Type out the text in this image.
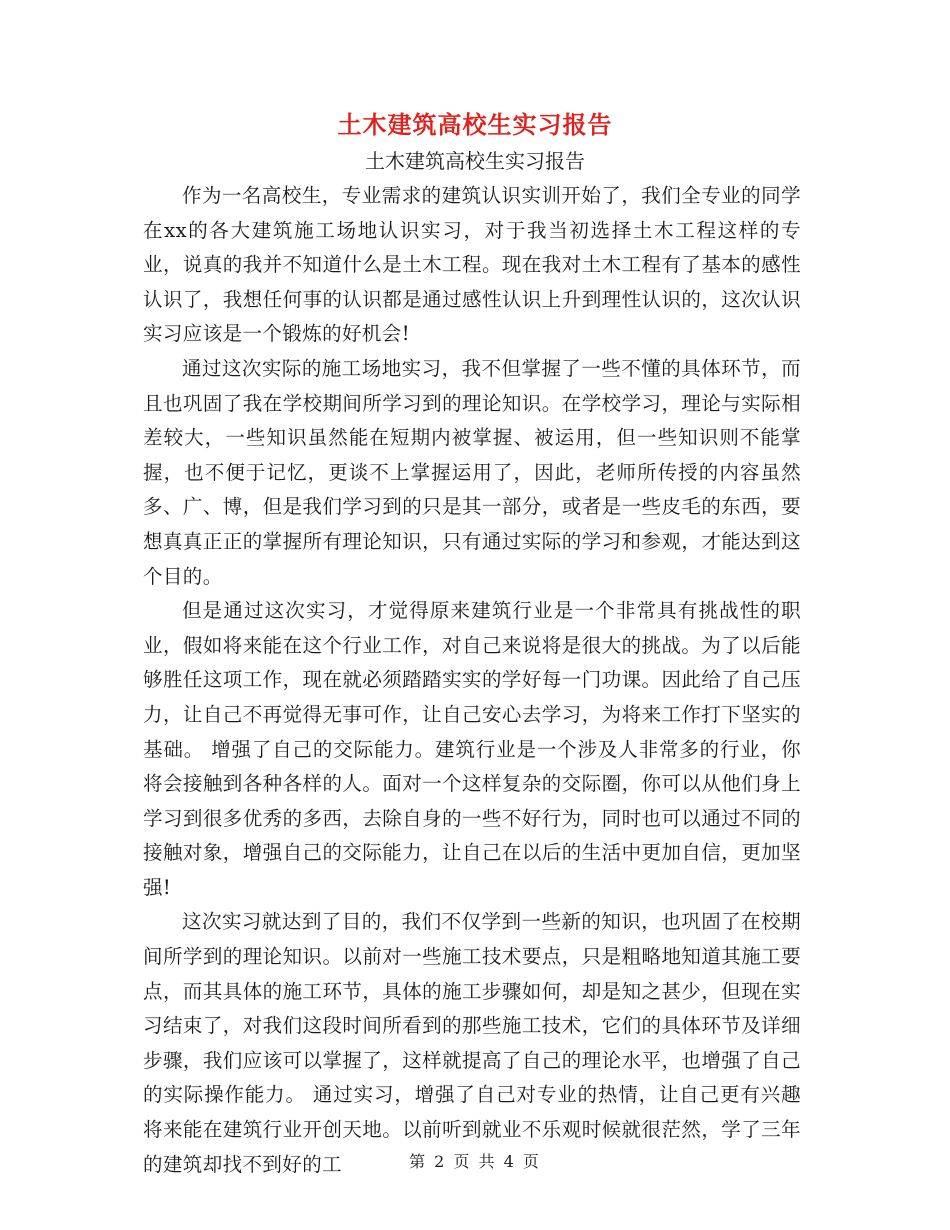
土木建筑高校生实习报告
土木建筑高校生实习报告

作为一名高校生，专业需求的建筑认识实训开始了，我们全专业的同学在xx的各大建筑施工场地认识实习，对于我当初选择土木工程这样的专业，说真的我并不知道什么是土木工程。现在我对土木工程有了基本的感性认识了，我想任何事的认识都是通过感性认识上升到理性认识的，这次认识实习应该是一个锻炼的好机会!

通过这次实际的施工场地实习，我不但掌握了一些不懂的具体环节，而且也巩固了我在学校期间所学习到的理论知识。在学校学习，理论与实际相差较大，一些知识虽然能在短期内被掌握、被运用，但一些知识则不能掌握，也不便于记忆，更谈不上掌握运用了，因此，老师所传授的内容虽然多、广、博，但是我们学习到的只是其一部分，或者是一些皮毛的东西，要想真真正正的掌握所有理论知识，只有通过实际的学习和参观，才能达到这个目的。

但是通过这次实习，才觉得原来建筑行业是一个非常具有挑战性的职业，假如将来能在这个行业工作，对自己来说将是很大的挑战。为了以后能够胜任这项工作，现在就必须踏踏实实的学好每一门功课。因此给了自己压力，让自己不再觉得无事可作，让自己安心去学习，为将来工作打下坚实的基础。 增强了自己的交际能力。建筑行业是一个涉及人非常多的行业，你将会接触到各种各样的人。面对一个这样复杂的交际圈，你可以从他们身上学习到很多优秀的多西，去除自身的一些不好行为，同时也可以通过不同的接触对象，增强自己的交际能力，让自己在以后的生活中更加自信，更加坚强!

这次实习就达到了目的，我们不仅学到一些新的知识，也巩固了在校期间所学到的理论知识。以前对一些施工技术要点，只是粗略地知道其施工要点，而其具体的施工环节，具体的施工步骤如何，却是知之甚少，但现在实习结束了，对我们这段时间所看到的那些施工技术，它们的具体环节及详细步骤，我们应该可以掌握了，这样就提高了自己的理论水平，也增强了自己的实际操作能力。 通过实习，增强了自己对专业的热情，让自己更有兴趣将来能在建筑行业开创天地。以前听到就业不乐观时候就很茫然，学了三年的建筑却找不到好的工	第 2 页 共 4 页
